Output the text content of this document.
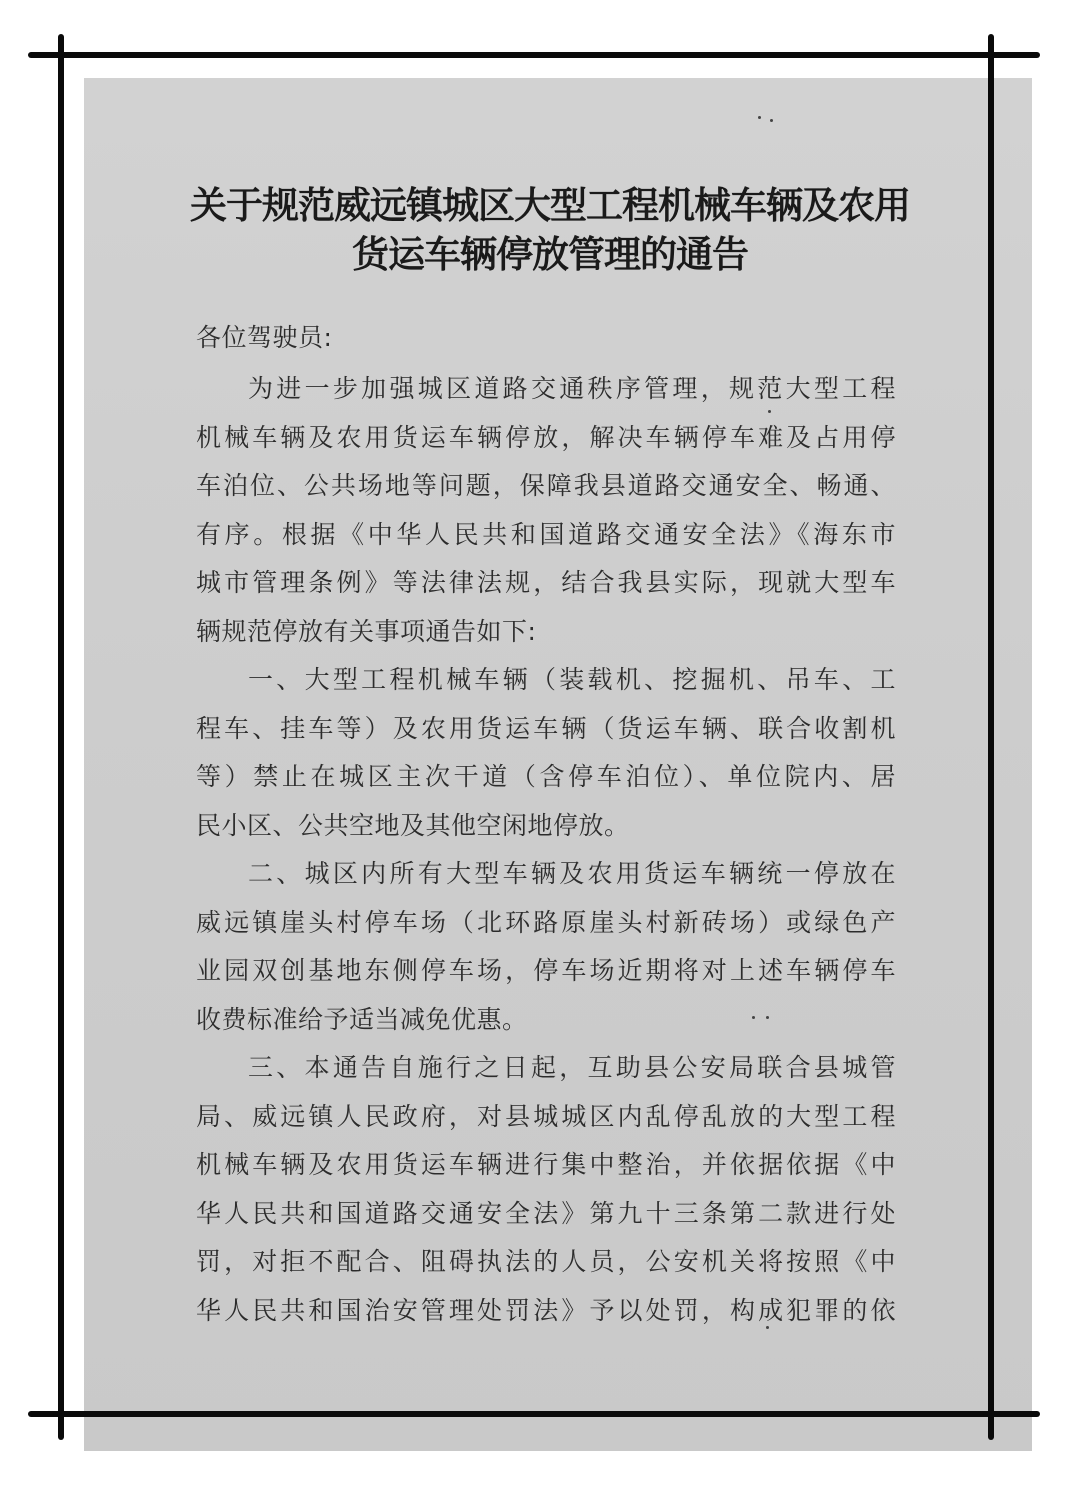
关于规范威远镇城区大型工程机械车辆及农用
货运车辆停放管理的通告
各位驾驶员:
为进一步加强城区道路交通秩序管理，规范大型工程
机械车辆及农用货运车辆停放，解决车辆停车难及占用停
车泊位、公共场地等问题，保障我县道路交通安全、畅通、
有序。根据《中华人民共和国道路交通安全法》《海东市
城市管理条例》等法律法规，结合我县实际，现就大型车
辆规范停放有关事项通告如下:
一、大型工程机械车辆（装载机、挖掘机、吊车、工
程车、挂车等）及农用货运车辆（货运车辆、联合收割机
等）禁止在城区主次干道（含停车泊位）、单位院内、居
民小区、公共空地及其他空闲地停放。
二、城区内所有大型车辆及农用货运车辆统一停放在
威远镇崖头村停车场（北环路原崖头村新砖场）或绿色产
业园双创基地东侧停车场，停车场近期将对上述车辆停车
收费标准给予适当减免优惠。
三、本通告自施行之日起，互助县公安局联合县城管
局、威远镇人民政府，对县城城区内乱停乱放的大型工程
机械车辆及农用货运车辆进行集中整治，并依据依据《中
华人民共和国道路交通安全法》第九十三条第二款进行处
罚，对拒不配合、阻碍执法的人员，公安机关将按照《中
华人民共和国治安管理处罚法》予以处罚，构成犯罪的依
